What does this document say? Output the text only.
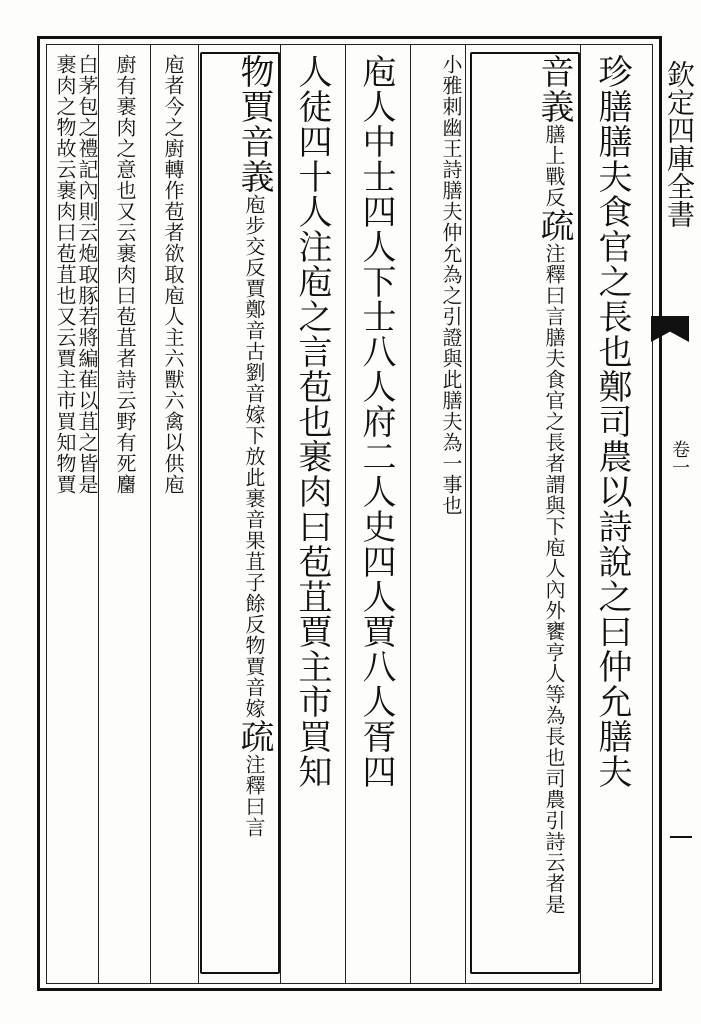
欽定四庫全書
卷一
珍膳膳夫食官之長也鄭司農以詩說之曰仲允膳夫
音義膳上戰反疏注釋曰言膳夫食官之長者謂與下庖人內外饔亨人等為長也司農引詩云者是
小雅刺幽王詩膳夫仲允為之引證與此膳夫為一事也
庖人中士四人下士八人府二人史四人賈八人胥四
人徒四十人注庖之言苞也裹肉曰苞苴賈主市買知
物賈音義庖步交反賈鄭音古劉音嫁下放此裹音果苴子餘反物賈音嫁疏注釋曰言
庖者今之廚轉作苞者欲取庖人主六獸六禽以供庖
廚有裹肉之意也又云裹肉曰苞苴者詩云野有死麕
白茅包之禮記內則云炮取豚若將編萑以苴之皆是
裹肉之物故云裹肉曰苞苴也又云賈主市買知物賈
